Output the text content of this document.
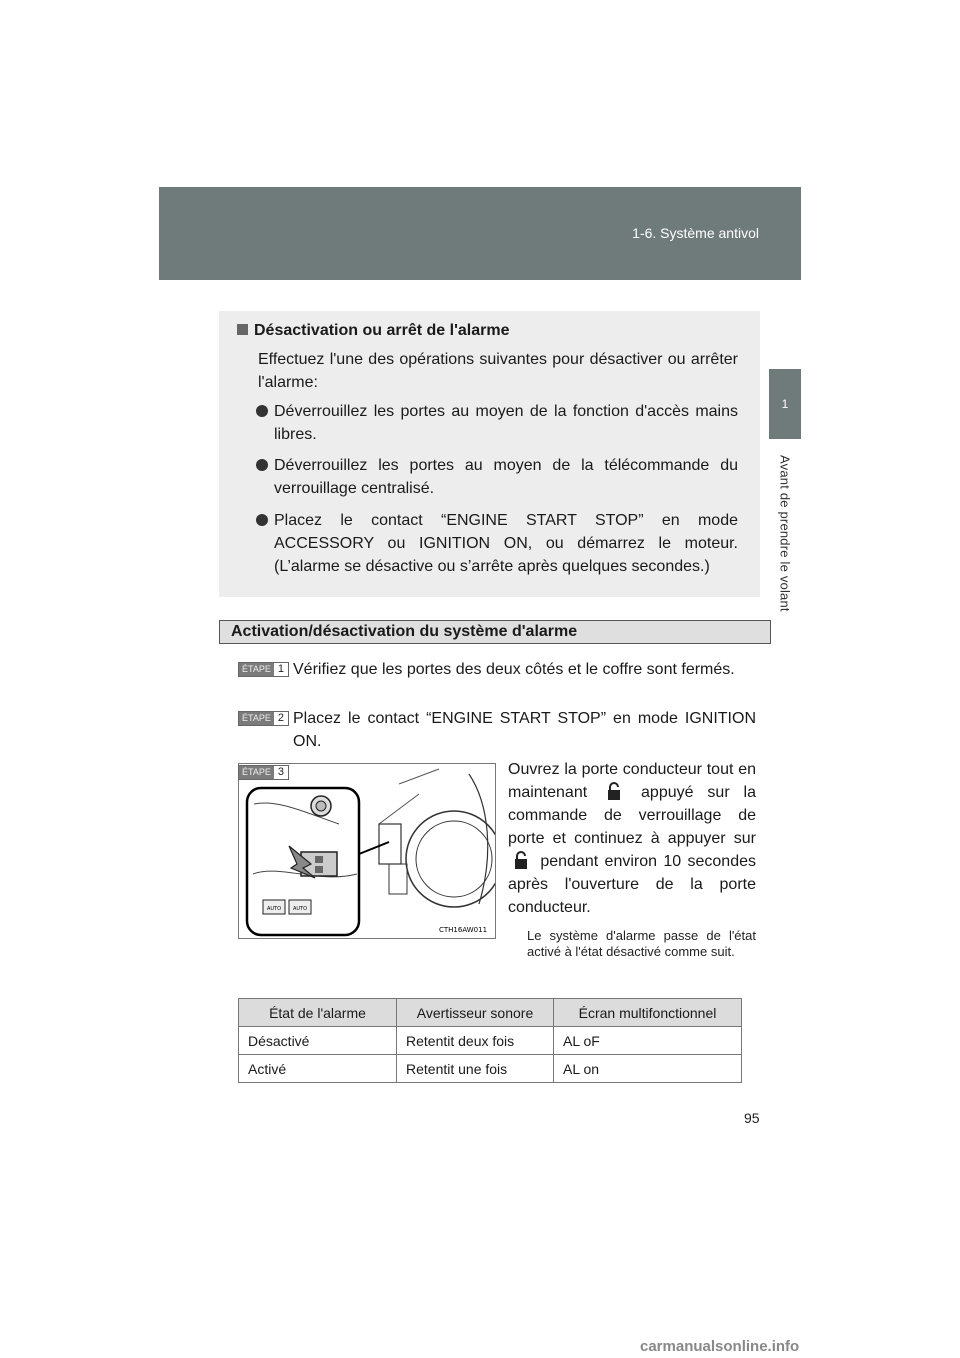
1-6. Système antivol
1
Avant de prendre le volant
Désactivation ou arrêt de l'alarme
Effectuez l'une des opérations suivantes pour désactiver ou arrêter l'alarme:
Déverrouillez les portes au moyen de la fonction d'accès mains libres.
Déverrouillez les portes au moyen de la télécommande du verrouillage centralisé.
Placez le contact “ENGINE START STOP” en mode ACCESSORY ou IGNITION ON, ou démarrez le moteur. (L’alarme se désactive ou s’arrête après quelques secondes.)
Activation/désactivation du système d'alarme
ÉTAPE 1 Vérifiez que les portes des deux côtés et le coffre sont fermés.
ÉTAPE 2 Placez le contact “ENGINE START STOP” en mode IGNITION ON.
AUTO AUTO
CTH16AW011
ÉTAPE 3	Ouvrez la porte conducteur tout en maintenant	appuyé sur la commande de verrouillage de porte et continuez à appuyer sur  pendant environ 10 secondes après l'ouverture de la porte conducteur.
Le système d'alarme passe de l'état activé à l'état désactivé comme suit.
État de l'alarme	Avertisseur sonore	Écran multifonctionnel
Désactivé	Retentit deux fois	AL oF
Activé	Retentit une fois	AL on
95
carmanualsonline.info
